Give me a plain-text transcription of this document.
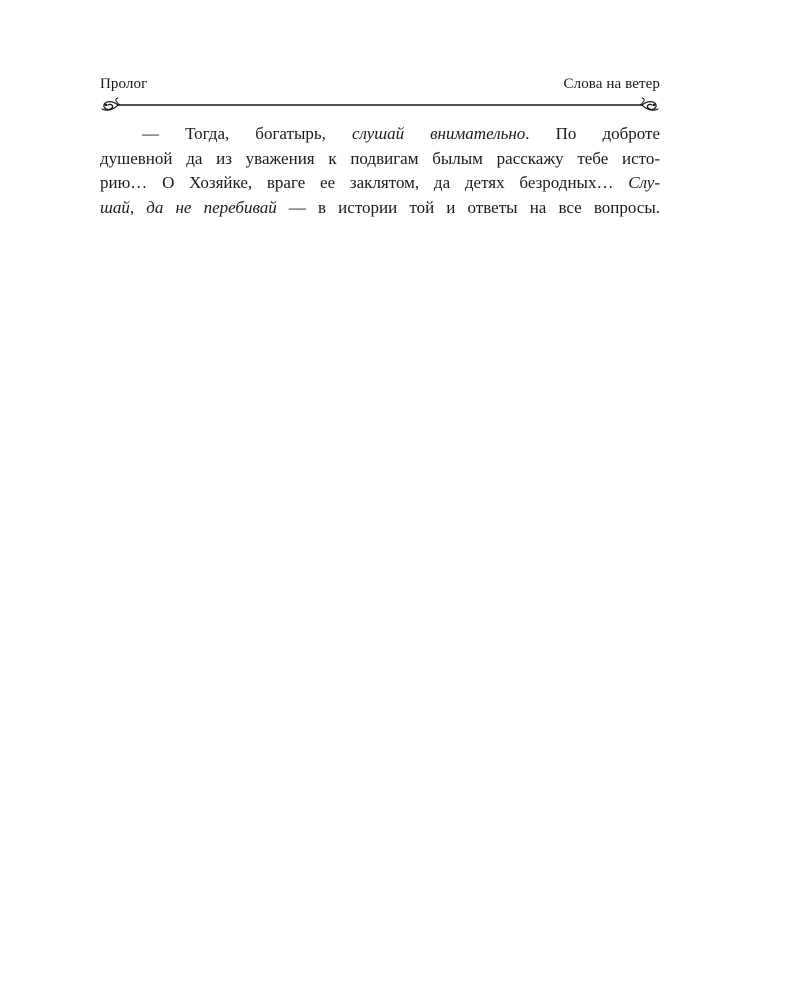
Пролог	Слова на ветер
— Тогда, богатырь, слушай внимательно. По доброте
душевной да из уважения к подвигам былым расскажу тебе исто-
рию… О Хозяйке, враге ее заклятом, да детях безродных… Слу-
шай, да не перебивай — в истории той и ответы на все вопросы.
